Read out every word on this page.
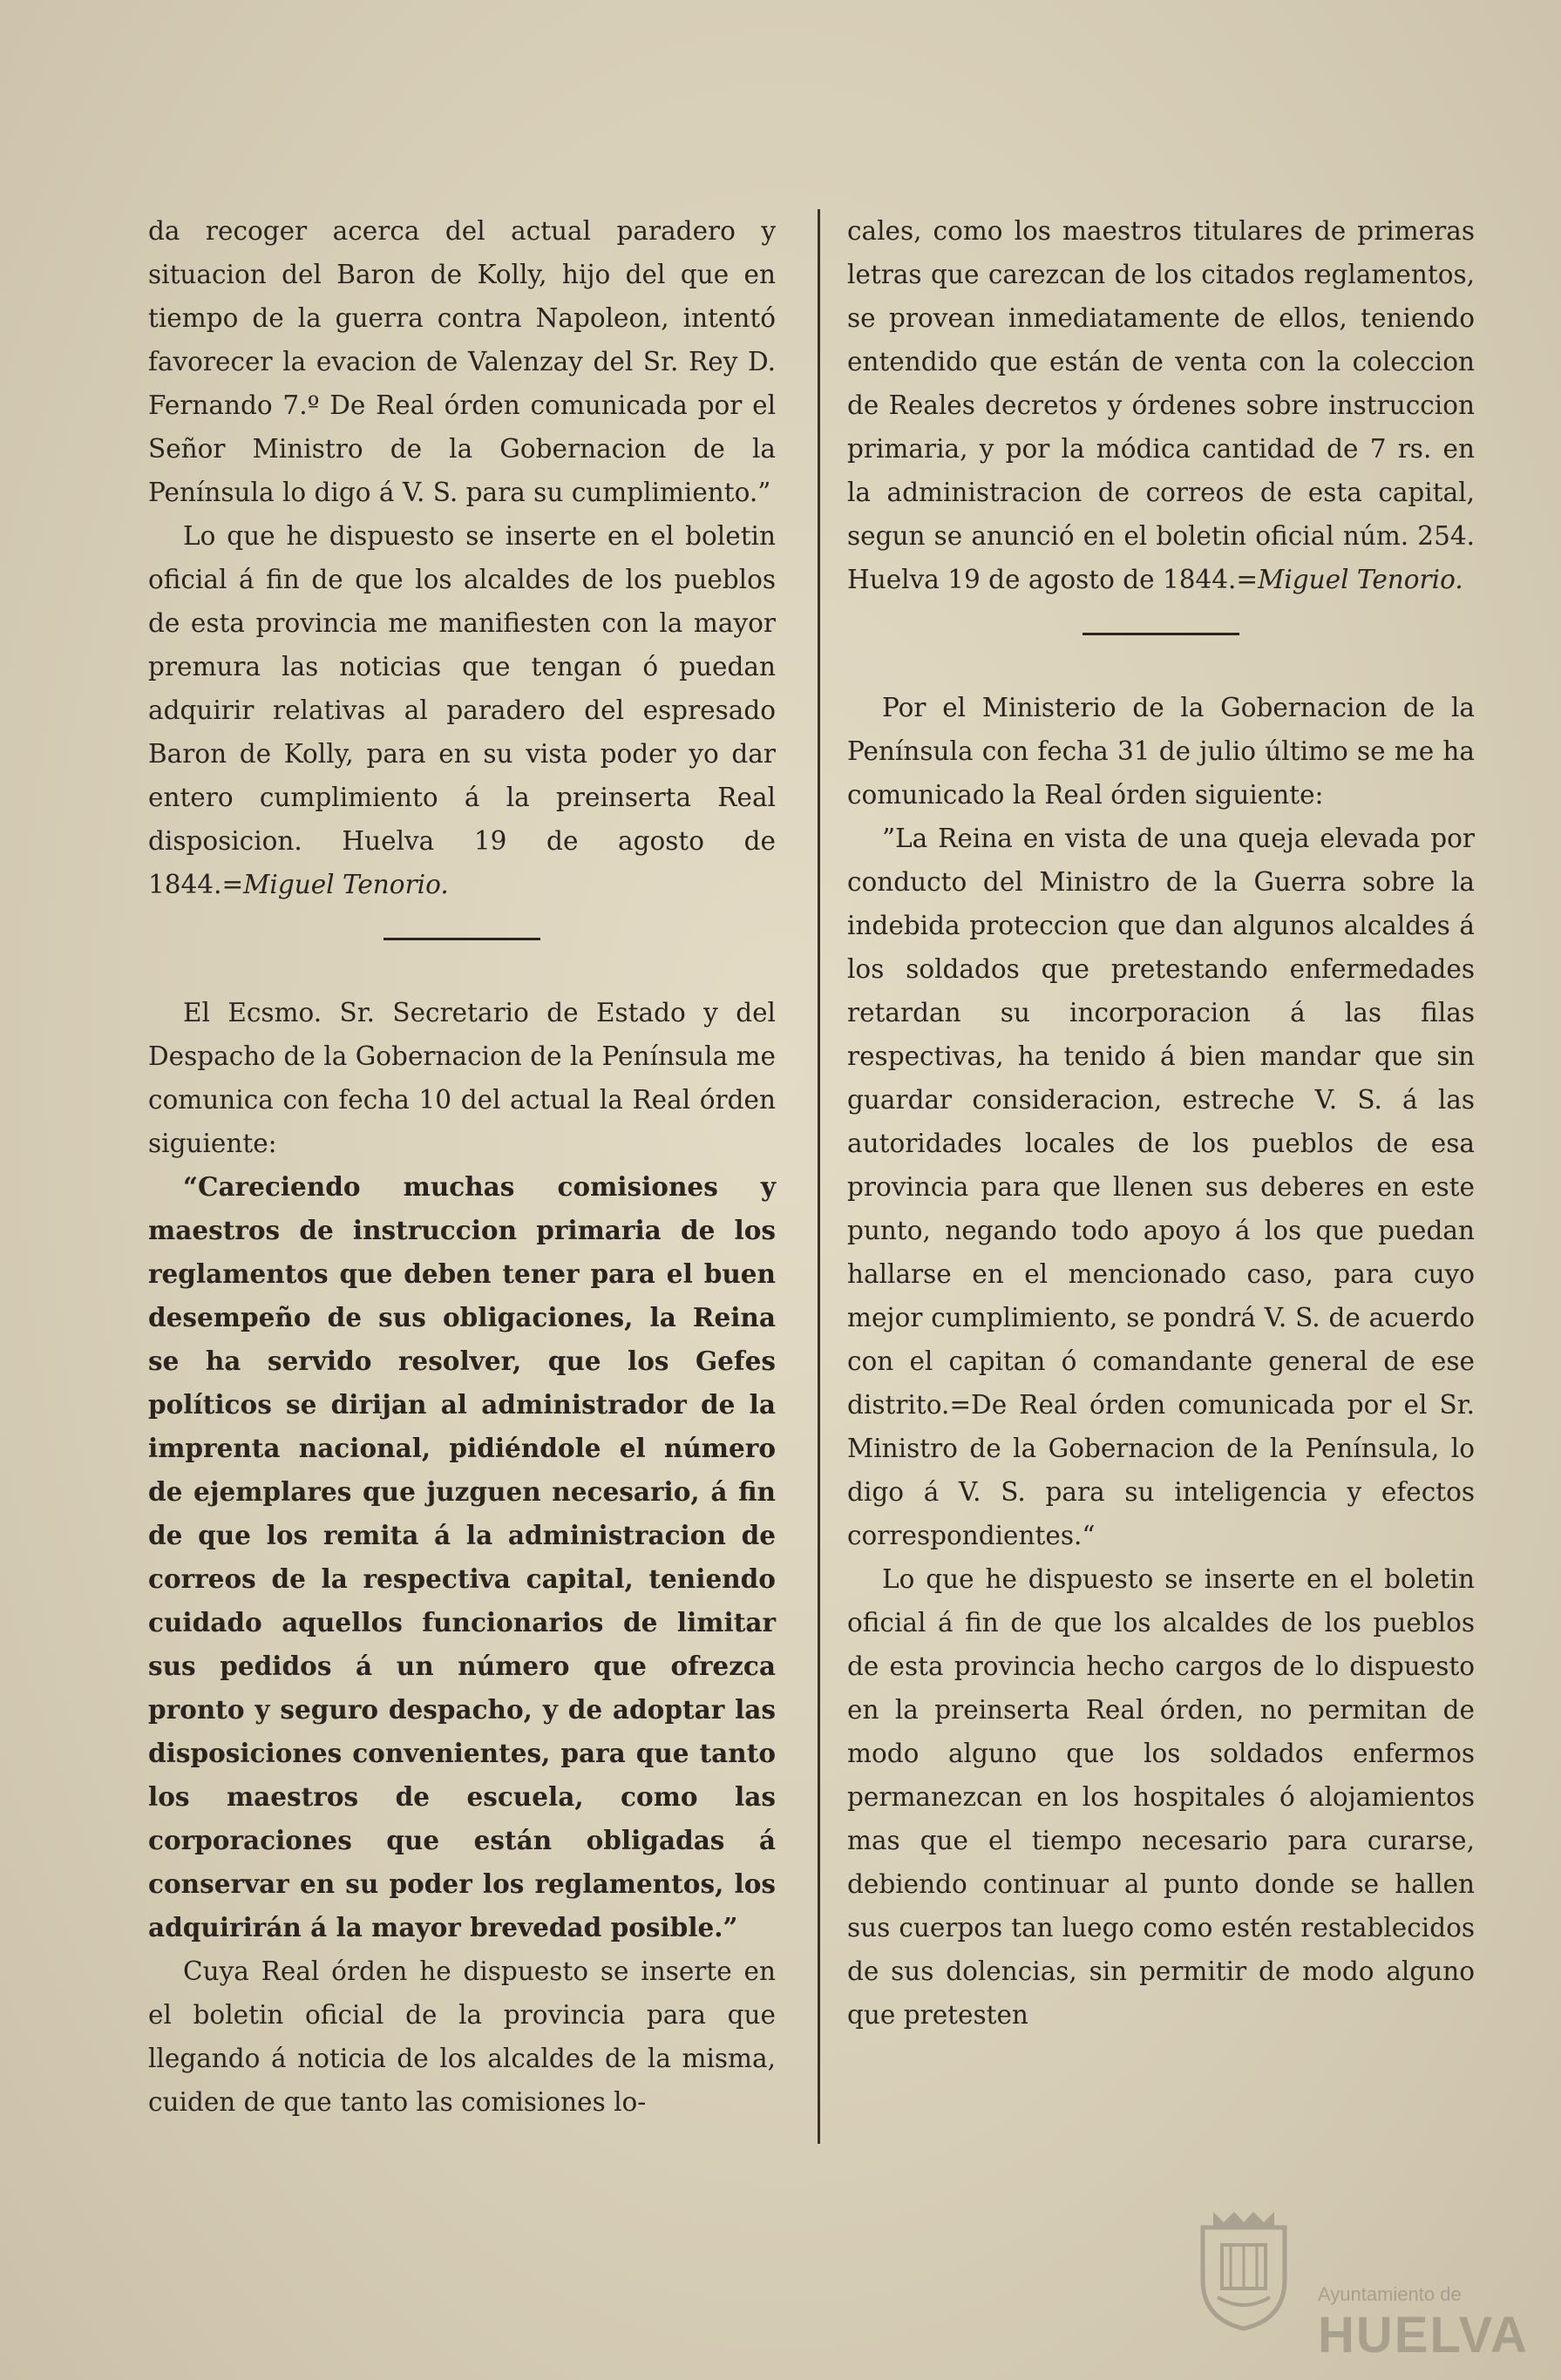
da recoger acerca del actual paradero y situacion del Baron de Kolly, hijo del que en tiempo de la guerra contra Napoleon, intentó favorecer la evacion de Valenzay del Sr. Rey D. Fernando 7.º De Real órden comunicada por el Señor Ministro de la Gobernacion de la Península lo digo á V. S. para su cumplimiento.”

Lo que he dispuesto se inserte en el boletin oficial á fin de que los alcaldes de los pueblos de esta provincia me manifiesten con la mayor premura las noticias que tengan ó puedan adquirir relativas al paradero del espresado Baron de Kolly, para en su vista poder yo dar entero cumplimiento á la preinserta Real disposicion. Huelva 19 de agosto de 1844.=Miguel Tenorio.

El Ecsmo. Sr. Secretario de Estado y del Despacho de la Gobernacion de la Península me comunica con fecha 10 del actual la Real órden siguiente:

“Careciendo muchas comisiones y maestros de instruccion primaria de los reglamentos que deben tener para el buen desempeño de sus obligaciones, la Reina se ha servido resolver, que los Gefes políticos se dirijan al administrador de la imprenta nacional, pidiéndole el número de ejemplares que juzguen necesario, á fin de que los remita á la administracion de correos de la respectiva capital, teniendo cuidado aquellos funcionarios de limitar sus pedidos á un número que ofrezca pronto y seguro despacho, y de adoptar las disposiciones convenientes, para que tanto los maestros de escuela, como las corporaciones que están obligadas á conservar en su poder los reglamentos, los adquirirán á la mayor brevedad posible.”

Cuya Real órden he dispuesto se inserte en el boletin oficial de la provincia para que llegando á noticia de los alcaldes de la misma, cuiden de que tanto las comisiones lo-

cales, como los maestros titulares de primeras letras que carezcan de los citados reglamentos, se provean inmediatamente de ellos, teniendo entendido que están de venta con la coleccion de Reales decretos y órdenes sobre instruccion primaria, y por la módica cantidad de 7 rs. en la administracion de correos de esta capital, segun se anunció en el boletin oficial núm. 254. Huelva 19 de agosto de 1844.=Miguel Tenorio.

Por el Ministerio de la Gobernacion de la Península con fecha 31 de julio último se me ha comunicado la Real órden siguiente:

”La Reina en vista de una queja elevada por conducto del Ministro de la Guerra sobre la indebida proteccion que dan algunos alcaldes á los soldados que pretestando enfermedades retardan su incorporacion á las filas respectivas, ha tenido á bien mandar que sin guardar consideracion, estreche V. S. á las autoridades locales de los pueblos de esa provincia para que llenen sus deberes en este punto, negando todo apoyo á los que puedan hallarse en el mencionado caso, para cuyo mejor cumplimiento, se pondrá V. S. de acuerdo con el capitan ó comandante general de ese distrito.=De Real órden comunicada por el Sr. Ministro de la Gobernacion de la Península, lo digo á V. S. para su inteligencia y efectos correspondientes.“

Lo que he dispuesto se inserte en el boletin oficial á fin de que los alcaldes de los pueblos de esta provincia hecho cargos de lo dispuesto en la preinserta Real órden, no permitan de modo alguno que los soldados enfermos permanezcan en los hospitales ó alojamientos mas que el tiempo necesario para curarse, debiendo continuar al punto donde se hallen sus cuerpos tan luego como estén restablecidos de sus dolencias, sin permitir de modo alguno que pretesten

Ayuntamiento de
HUELVA
